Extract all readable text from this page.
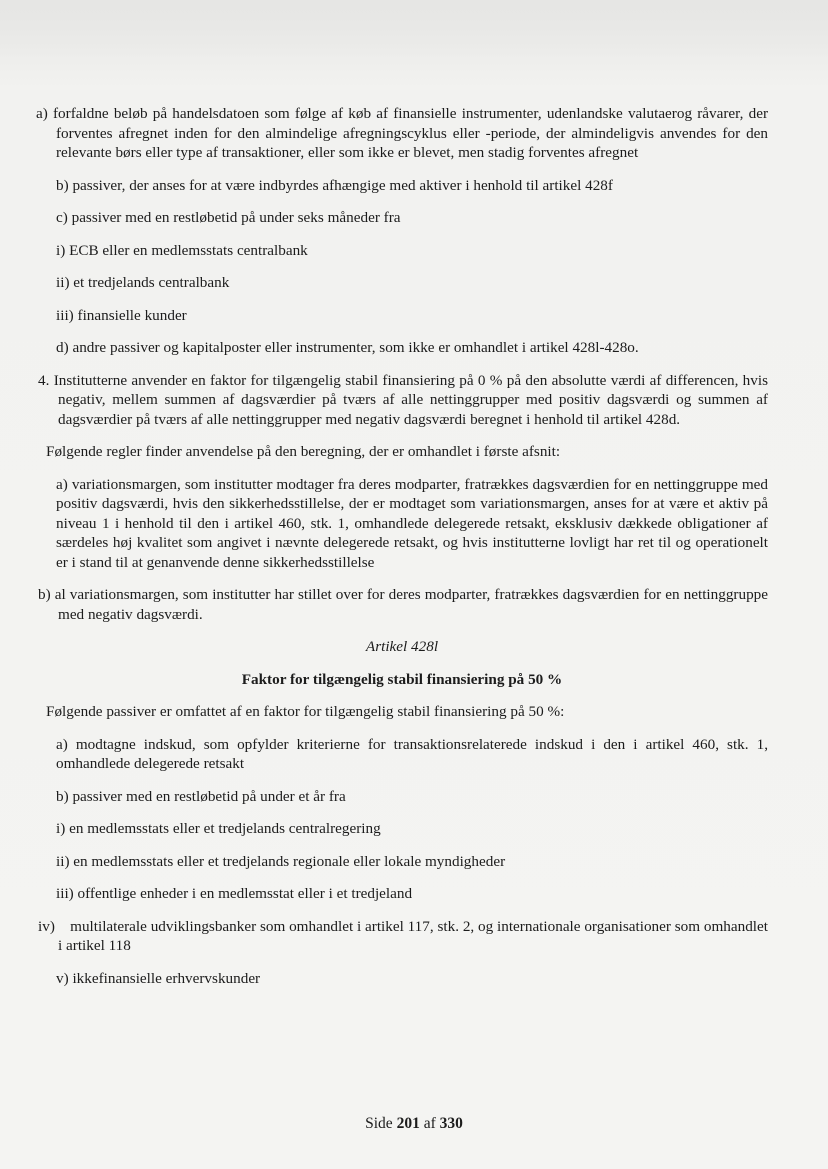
a) forfaldne beløb på handelsdatoen som følge af køb af finansielle instrumenter, udenlandske valutaerog råvarer, der forventes afregnet inden for den almindelige afregningscyklus eller -periode, der almindeligvis anvendes for den relevante børs eller type af transaktioner, eller som ikke er blevet, men stadig forventes afregnet

b) passiver, der anses for at være indbyrdes afhængige med aktiver i henhold til artikel 428f

c) passiver med en restløbetid på under seks måneder fra

i) ECB eller en medlemsstats centralbank

ii) et tredjelands centralbank

iii) finansielle kunder

d) andre passiver og kapitalposter eller instrumenter, som ikke er omhandlet i artikel 428l-428o.

4. Institutterne anvender en faktor for tilgængelig stabil finansiering på 0 % på den absolutte værdi af differencen, hvis negativ, mellem summen af dagsværdier på tværs af alle nettinggrupper med positiv dagsværdi og summen af dagsværdier på tværs af alle nettinggrupper med negativ dagsværdi beregnet i henhold til artikel 428d.

Følgende regler finder anvendelse på den beregning, der er omhandlet i første afsnit:

a) variationsmargen, som institutter modtager fra deres modparter, fratrækkes dagsværdien for en nettinggruppe med positiv dagsværdi, hvis den sikkerhedsstillelse, der er modtaget som variationsmargen, anses for at være et aktiv på niveau 1 i henhold til den i artikel 460, stk. 1, omhandlede delegerede retsakt, eksklusiv dækkede obligationer af særdeles høj kvalitet som angivet i nævnte delegerede retsakt, og hvis institutterne lovligt har ret til og operationelt er i stand til at genanvende denne sikkerhedsstillelse

b) al variationsmargen, som institutter har stillet over for deres modparter, fratrækkes dagsværdien for en nettinggruppe med negativ dagsværdi.

Artikel 428l

Faktor for tilgængelig stabil finansiering på 50 %

Følgende passiver er omfattet af en faktor for tilgængelig stabil finansiering på 50 %:

a) modtagne indskud, som opfylder kriterierne for transaktionsrelaterede indskud i den i artikel 460, stk. 1, omhandlede delegerede retsakt

b) passiver med en restløbetid på under et år fra

i) en medlemsstats eller et tredjelands centralregering

ii) en medlemsstats eller et tredjelands regionale eller lokale myndigheder

iii) offentlige enheder i en medlemsstat eller i et tredjeland

iv)    multilaterale udviklingsbanker som omhandlet i artikel 117, stk. 2, og internationale organisationer som omhandlet i artikel 118

v) ikkefinansielle erhvervskunder

Side 201 af 330
